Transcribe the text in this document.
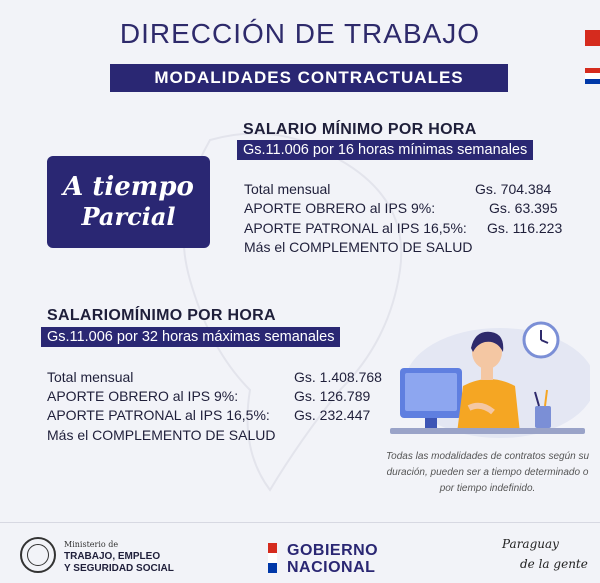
DIRECCIÓN DE TRABAJO
MODALIDADES CONTRACTUALES
A tiempo
Parcial
SALARIO MÍNIMO POR HORA
Gs.11.006 por 16 horas mínimas semanales
Total mensual	Gs. 704.384
APORTE OBRERO al IPS 9%:	Gs. 63.395
APORTE PATRONAL al IPS 16,5%: Gs. 116.223
Más el COMPLEMENTO DE SALUD
SALARIOMÍNIMO POR HORA
Gs.11.006 por 32 horas máximas semanales
Total mensual	Gs. 1.408.768
APORTE OBRERO al IPS 9%:	Gs. 126.789
APORTE PATRONAL al IPS 16,5%: Gs. 232.447
Más el COMPLEMENTO DE SALUD
Todas las modalidades de contratos según su duración, pueden ser a tiempo determinado o por tiempo indefinido.
Ministerio de
TRABAJO, EMPLEO
Y SEGURIDAD SOCIAL
GOBIERNO
NACIONAL
Paraguay
de la gente
